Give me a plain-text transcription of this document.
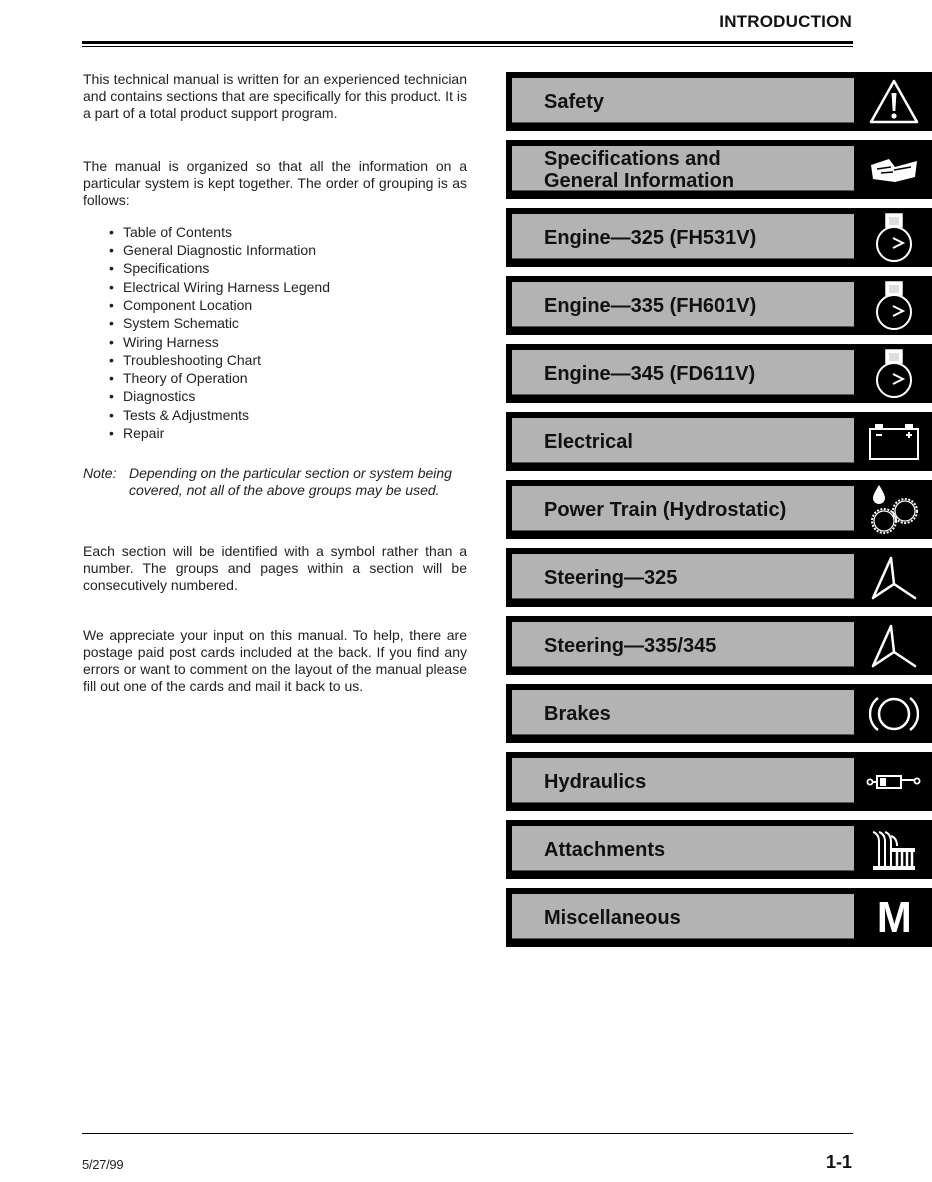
INTRODUCTION

This technical manual is written for an experienced technician and contains sections that are specifically for this product. It is a part of a total product support program.

The manual is organized so that all the information on a particular system is kept together. The order of grouping is as follows:

• Table of Contents
• General Diagnostic Information
• Specifications
• Electrical Wiring Harness Legend
• Component Location
• System Schematic
• Wiring Harness
• Troubleshooting Chart
• Theory of Operation
• Diagnostics
• Tests & Adjustments
• Repair
Note: Depending on the particular section or system being covered, not all of the above groups may be used.

Each section will be identified with a symbol rather than a number. The groups and pages within a section will be consecutively numbered.

We appreciate your input on this manual. To help, there are postage paid post cards included at the back. If you find any errors or want to comment on the layout of the manual please fill out one of the cards and mail it back to us.

Safety
Specifications and
General Information
Engine—325 (FH531V)
Engine—335 (FH601V)
Engine—345 (FD611V)
Electrical
Power Train (Hydrostatic)
Steering—325
Steering—335/345
Brakes
Hydraulics
Attachments
Miscellaneous	M
5/27/99	1-1
